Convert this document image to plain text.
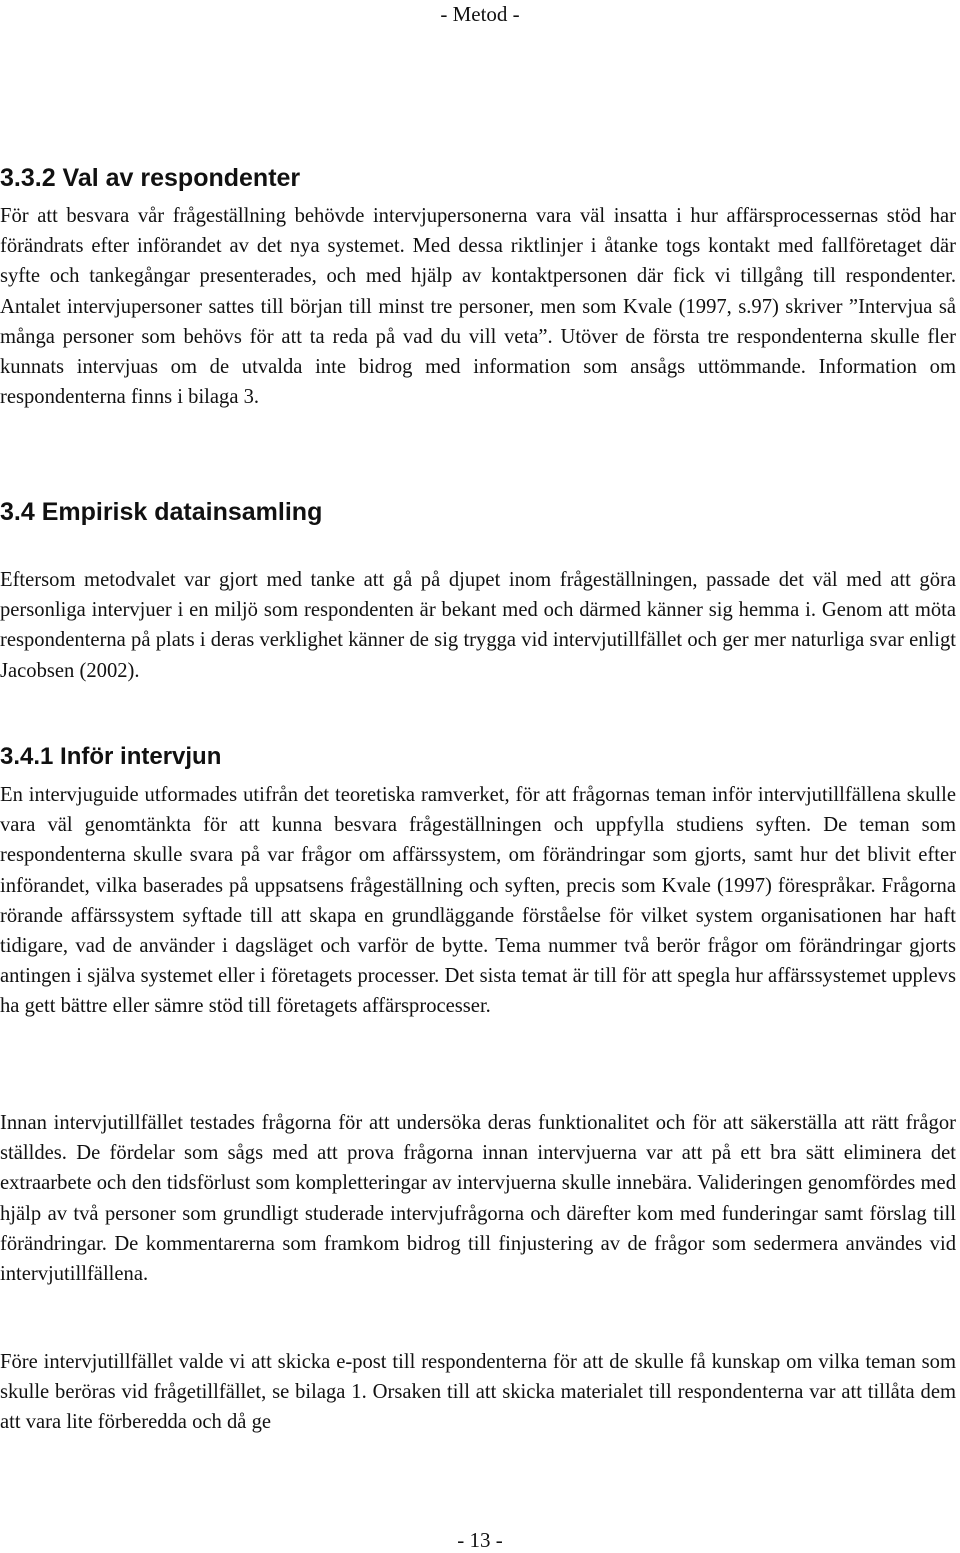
- Metod -
3.3.2 Val av respondenter

För att besvara vår frågeställning behövde intervjupersonerna vara väl insatta i hur affärsprocessernas stöd har förändrats efter införandet av det nya systemet. Med dessa riktlinjer i åtanke togs kontakt med fallföretaget där syfte och tankegångar presenterades, och med hjälp av kontaktpersonen där fick vi tillgång till respondenter. Antalet intervjupersoner sattes till början till minst tre personer, men som Kvale (1997, s.97) skriver ”Intervjua så många personer som behövs för att ta reda på vad du vill veta”. Utöver de första tre respondenterna skulle fler kunnats intervjuas om de utvalda inte bidrog med information som ansågs uttömmande. Information om respondenterna finns i bilaga 3.

3.4 Empirisk datainsamling

Eftersom metodvalet var gjort med tanke att gå på djupet inom frågeställningen, passade det väl med att göra personliga intervjuer i en miljö som respondenten är bekant med och därmed känner sig hemma i. Genom att möta respondenterna på plats i deras verklighet känner de sig trygga vid intervjutillfället och ger mer naturliga svar enligt Jacobsen (2002).

3.4.1 Inför intervjun

En intervjuguide utformades utifrån det teoretiska ramverket, för att frågornas teman inför intervjutillfällena skulle vara väl genomtänkta för att kunna besvara frågeställningen och uppfylla studiens syften. De teman som respondenterna skulle svara på var frågor om affärssystem, om förändringar som gjorts, samt hur det blivit efter införandet, vilka baserades på uppsatsens frågeställning och syften, precis som Kvale (1997) förespråkar. Frågorna rörande affärssystem syftade till att skapa en grundläggande förståelse för vilket system organisationen har haft tidigare, vad de använder i dagsläget och varför de bytte. Tema nummer två berör frågor om förändringar gjorts antingen i själva systemet eller i företagets processer. Det sista temat är till för att spegla hur affärssystemet upplevs ha gett bättre eller sämre stöd till företagets affärsprocesser.

Innan intervjutillfället testades frågorna för att undersöka deras funktionalitet och för att säkerställa att rätt frågor ställdes. De fördelar som sågs med att prova frågorna innan intervjuerna var att på ett bra sätt eliminera det extraarbete och den tidsförlust som kompletteringar av intervjuerna skulle innebära. Valideringen genomfördes med hjälp av två personer som grundligt studerade intervjufrågorna och därefter kom med funderingar samt förslag till förändringar. De kommentarerna som framkom bidrog till finjustering av de frågor som sedermera användes vid intervjutillfällena.

Före intervjutillfället valde vi att skicka e-post till respondenterna för att de skulle få kunskap om vilka teman som skulle beröras vid frågetillfället, se bilaga 1. Orsaken till att skicka materialet till respondenterna var att tillåta dem att vara lite förberedda och då ge

- 13 -
